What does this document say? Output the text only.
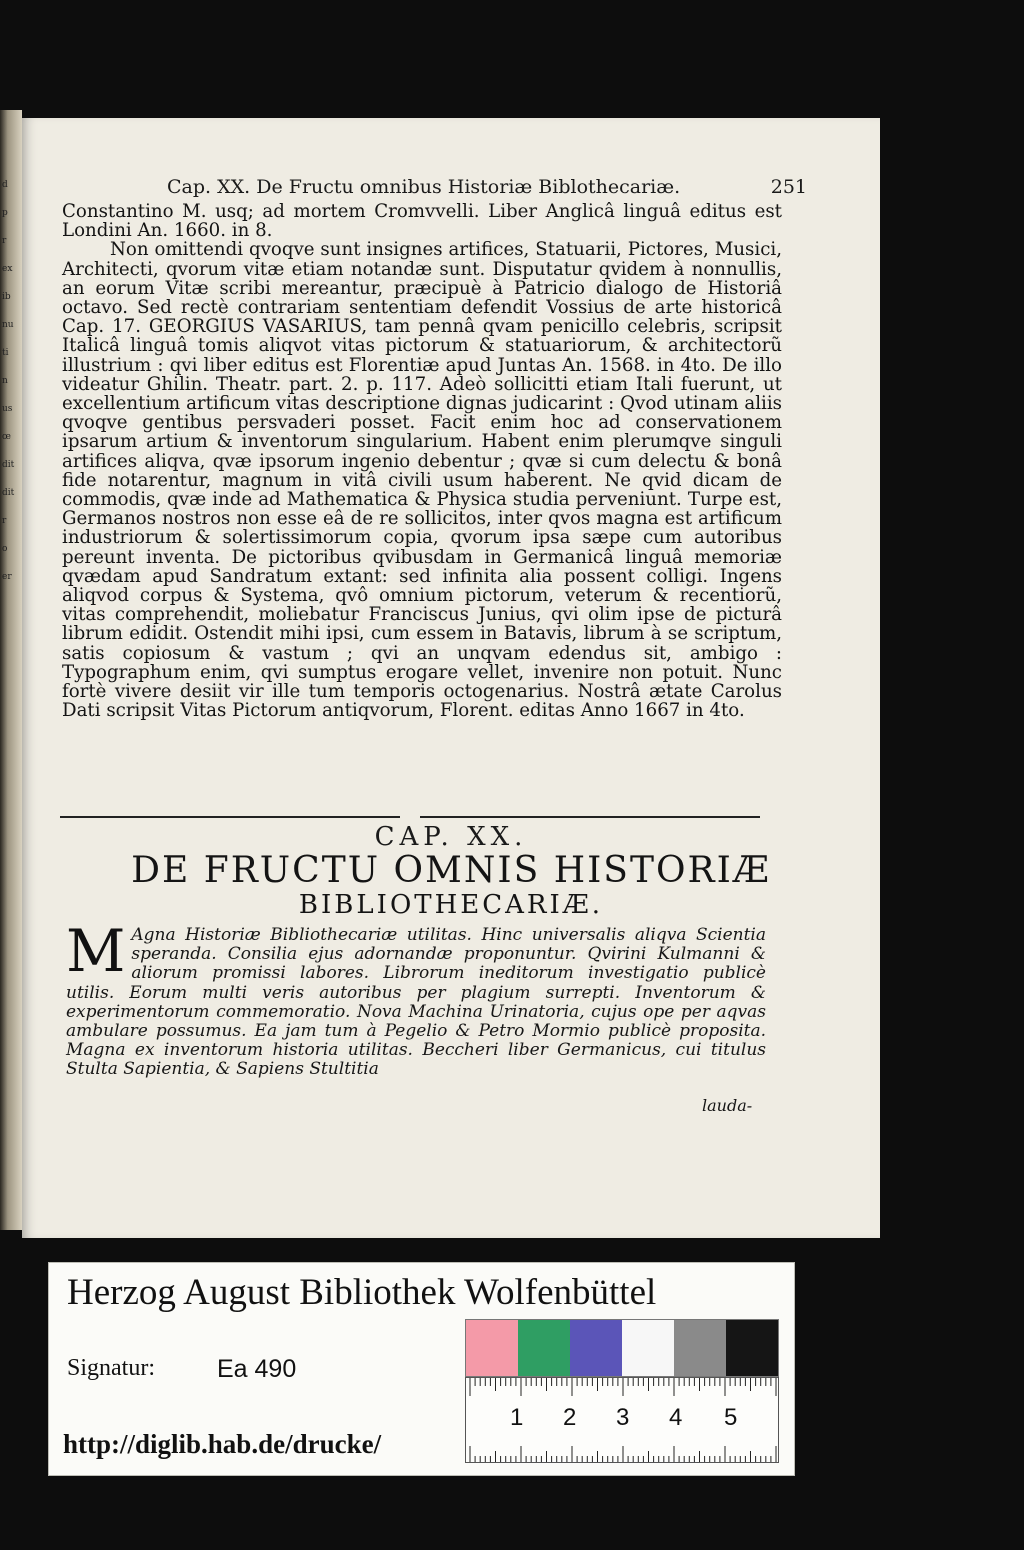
d
p
r
ex
ib
nu
ti
n
us
œ
dit
dit
r
o
er
Cap. XX. De Fructu omnibus Historiæ Biblothecariæ.	251

Constantino M. usq; ad mortem Cromvvelli. Liber Anglicâ linguâ editus est Londini An. 1660. in 8.

Non omittendi qvoqve sunt insignes artifices, Statuarii, Pictores, Musici, Architecti, qvorum vitæ etiam notandæ sunt. Disputatur qvidem à nonnullis, an eorum Vitæ scribi mereantur, præcipuè à Patricio dialogo de Historiâ octavo. Sed rectè contrariam sententiam defendit Vossius de arte historicâ Cap. 17. GEORGIUS VASARIUS, tam pennâ qvam penicillo celebris, scripsit Italicâ linguâ tomis aliqvot vitas pictorum & statuariorum, & architectorũ illustrium : qvi liber editus est Florentiæ apud Juntas An. 1568. in 4to. De illo videatur Ghilin. Theatr. part. 2. p. 117. Adeò sollicitti etiam Itali fuerunt, ut excellentium artificum vitas descriptione dignas judicarint : Qvod utinam aliis qvoqve gentibus persvaderi posset. Facit enim hoc ad conservationem ipsarum artium & inventorum singularium. Habent enim plerumqve singuli artifices aliqva, qvæ ipsorum ingenio debentur ; qvæ si cum delectu & bonâ fide notarentur, magnum in vitâ civili usum haberent. Ne qvid dicam de commodis, qvæ inde ad Mathematica & Physica studia perveniunt. Turpe est, Germanos nostros non esse eâ de re sollicitos, inter qvos magna est artificum industriorum & solertissimorum copia, qvorum ipsa sæpe cum autoribus pereunt inventa. De pictoribus qvibusdam in Germanicâ linguâ memoriæ qvædam apud Sandratum extant: sed infinita alia possent colligi. Ingens aliqvod corpus & Systema, qvô omnium pictorum, veterum & recentiorũ, vitas comprehendit, moliebatur Franciscus Junius, qvi olim ipse de picturâ librum edidit. Ostendit mihi ipsi, cum essem in Batavis, librum à se scriptum, satis copiosum & vastum ; qvi an unqvam edendus sit, ambigo : Typographum enim, qvi sumptus erogare vellet, invenire non potuit. Nunc fortè vivere desiit vir ille tum temporis octogenarius. Nostrâ ætate Carolus Dati scripsit Vitas Pictorum antiqvorum, Florent. editas Anno 1667 in 4to.

CAP. XX.
DE FRUCTU OMNIS HISTORIÆ
BIBLIOTHECARIÆ.
M Agna Historiæ Bibliothecariæ utilitas. Hinc universalis aliqva Scientia speranda. Consilia ejus adornandæ proponuntur. Qvirini Kulmanni & aliorum promissi labores. Librorum ineditorum investigatio publicè utilis. Eorum multi veris autoribus per plagium surrepti. Inventorum & experimentorum commemoratio. Nova Machina Urinatoria, cujus ope per aqvas ambulare possumus. Ea jam tum à Pegelio & Petro Mormio publicè proposita. Magna ex inventorum historia utilitas. Beccheri liber Germanicus, cui titulus Stulta Sapientia, & Sapiens Stultitia
lauda-
Herzog August Bibliothek Wolfenbüttel
Signatur: Ea 490
1 2 3 4 5
http://diglib.hab.de/drucke/
